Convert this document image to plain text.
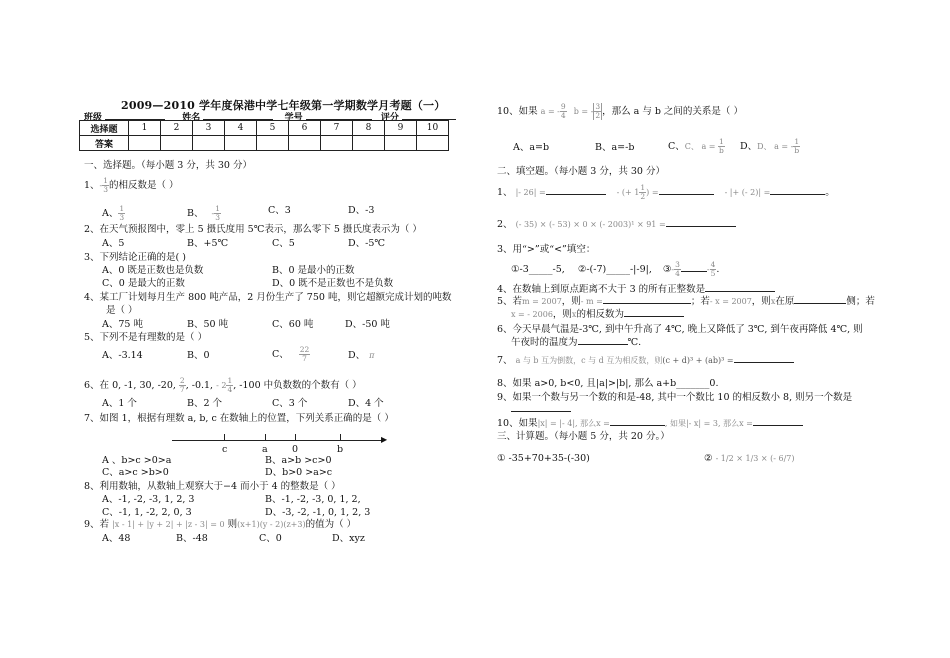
2009—2010 学年度保港中学七年级第一学期数学月考题（一）
班级	姓名	学号	评分
选择题	1	2	3	4	5	6	7	8	9	10
答案										
一、选择题。（每小题 3 分，共 30 分）
1、- $\frac{1}{3}$ 的相反数是（ ）
A、 $\frac{1}{3}$	B、 - $\frac{1}{3}$	C、3	D、-3
2、在天气预报图中，零上 5 摄氏度用 5℃表示，那么零下 5 摄氏度表示为（ ）
A、5	B、+5℃	C、5	D、-5℃
3、下列结论正确的是( )
A、0 既是正数也是负数	B、0 是最小的正数
C、0 是最大的正数	D、0 既不是正数也不是负数
4、某工厂计划每月生产 800 吨产品，2 月份生产了 750 吨，则它超额完成计划的吨数
是（ ）
A、75 吨	B、50 吨	C、60 吨	D、-50 吨
5、下列不是有理数的是（ ）
A、-3.14	B、0	C、 $\frac{22}{7}$	D、 π
6、在 0, -1, 30, -20, $\frac{2}{7}$ , -0.1, - $2 \frac{1}{4}$ , -100 中负数数的个数有（ ）
A、1 个	B、2 个	C、3 个	D、4 个
7、如图 1，根据有理数 a, b, c 在数轴上的位置，下列关系正确的是（ ）
▶
c	a	0	b
A 、b>c >0>a	B、a>b >c>0
C、a>c >b>0	D、b>0 >a>c
8、利用数轴，从数轴上观察大于−4 而小于 4 的整数是（ ）
A、-1, -2, -3, 1, 2, 3	B、-1, -2, -3, 0, 1, 2,
C、-1, 1, -2, 2, 0, 3	D、-3, -2, -1, 0, 1, 2, 3
9、若 |x - 1| + |y + 2| + |z - 3| = 0 则(x+1)(y - 2)(z+3)的值为（ ）
A、48	B、-48	C、0	D、xyz
10、如果 a = - $\frac{9}{4}$ b = - $\frac{3}{2}$ ，那么 a 与 b 之间的关系是（ ）
A、a=b	B、a=-b	C、C、 $a = \frac{1}{b}$ D、D、 a = - $\frac{1}{b}$
二、填空题。（每小题 3 分，共 30 分）
1、 |- 26| =	- (+ $1 \frac{1}{2}$ ) =	- |+ (- 2)| =	。
2、 (- 35) × (- 53) × 0 × (- 2003)¹ × 91 =
3、用“>”或“<”填空：
①-3_____-5, ②-(-7)_____-|-9|, ③- $\frac{3}{4}$	- $\frac{4}{5}$ .
4、在数轴上到原点距离不大于 3 的所有正整数是
5、若m = 2007，则- m =	；若- x = 2007，则x在原	侧；若
x = - 2006，则x的相反数为
6、今天早晨气温是-3℃, 到中午升高了 4℃, 晚上又降低了 3℃, 到午夜再降低 4℃, 则
午夜时的温度为	℃.
7、 a 与 b 互为倒数，c 与 d 互为相反数，则(c + d)³ + (ab)³ =
8、如果 a>0, b<0, 且|a|>|b|, 那么 a+b_______0.
9、如果一个数与另一个数的和是-48, 其中一个数比 10 的相反数小 8, 则另一个数是
10、如果|x| = |- 4|, 那么x =	, 如果|- x| = 3, 那么x =
三、计算题。（每小题 5 分，共 20 分。）
① -35+70+35-(-30)	② - 1/2 × 1/3 × (- 6/7)
